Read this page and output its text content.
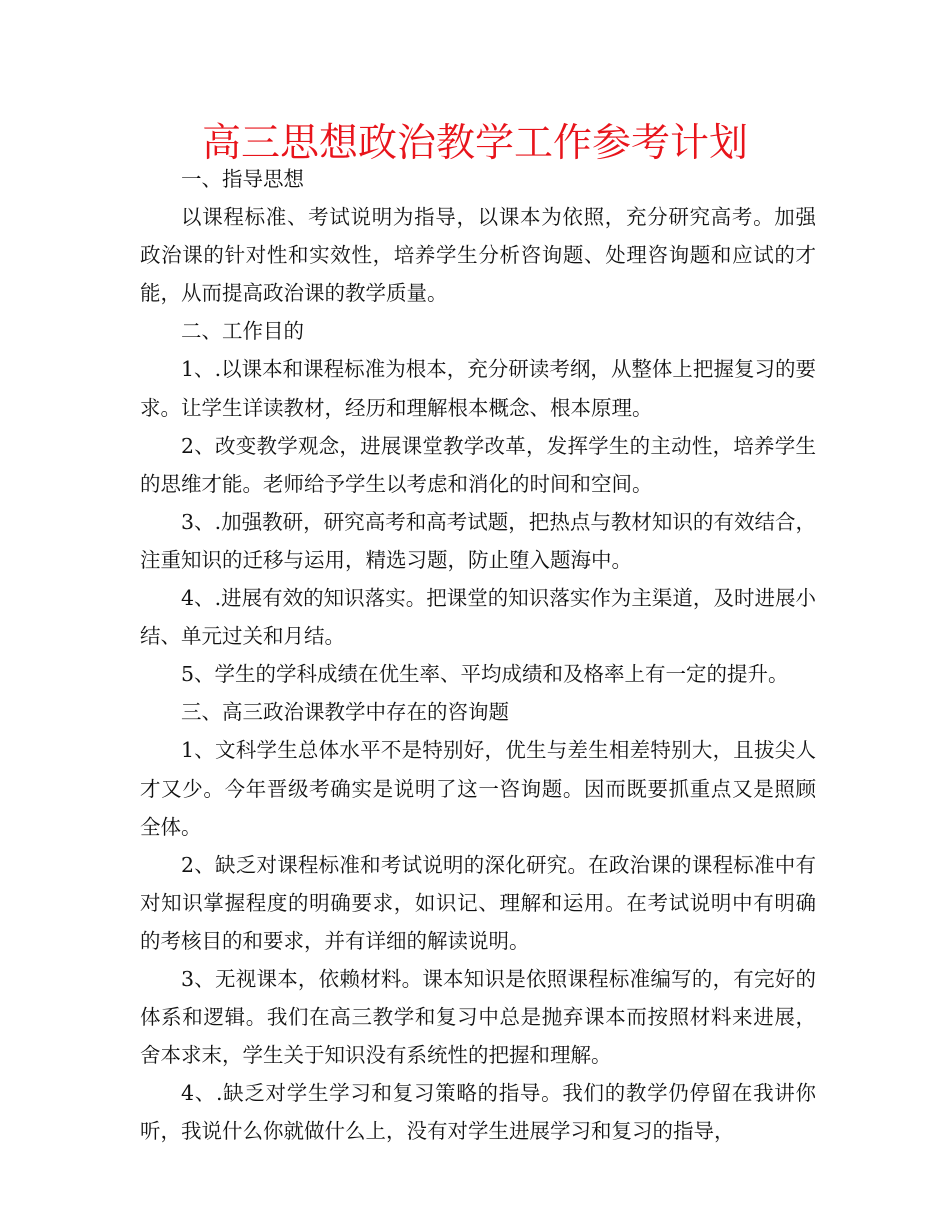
高三思想政治教学工作参考计划

一、指导思想

以课程标准、考试说明为指导，以课本为依照，充分研究高考。加强政治课的针对性和实效性，培养学生分析咨询题、处理咨询题和应试的才能，从而提高政治课的教学质量。

二、工作目的

1、.以课本和课程标准为根本，充分研读考纲，从整体上把握复习的要求。让学生详读教材，经历和理解根本概念、根本原理。

2、改变教学观念，进展课堂教学改革，发挥学生的主动性，培养学生的思维才能。老师给予学生以考虑和消化的时间和空间。

3、.加强教研，研究高考和高考试题，把热点与教材知识的有效结合，注重知识的迁移与运用，精选习题，防止堕入题海中。

4、.进展有效的知识落实。把课堂的知识落实作为主渠道，及时进展小结、单元过关和月结。

5、学生的学科成绩在优生率、平均成绩和及格率上有一定的提升。

三、高三政治课教学中存在的咨询题

1、文科学生总体水平不是特别好，优生与差生相差特别大，且拔尖人才又少。今年晋级考确实是说明了这一咨询题。因而既要抓重点又是照顾全体。

2、缺乏对课程标准和考试说明的深化研究。在政治课的课程标准中有对知识掌握程度的明确要求，如识记、理解和运用。在考试说明中有明确的考核目的和要求，并有详细的解读说明。

3、无视课本，依赖材料。课本知识是依照课程标准编写的，有完好的体系和逻辑。我们在高三教学和复习中总是抛弃课本而按照材料来进展，舍本求末，学生关于知识没有系统性的把握和理解。

4、.缺乏对学生学习和复习策略的指导。我们的教学仍停留在我讲你听，我说什么你就做什么上，没有对学生进展学习和复习的指导，
